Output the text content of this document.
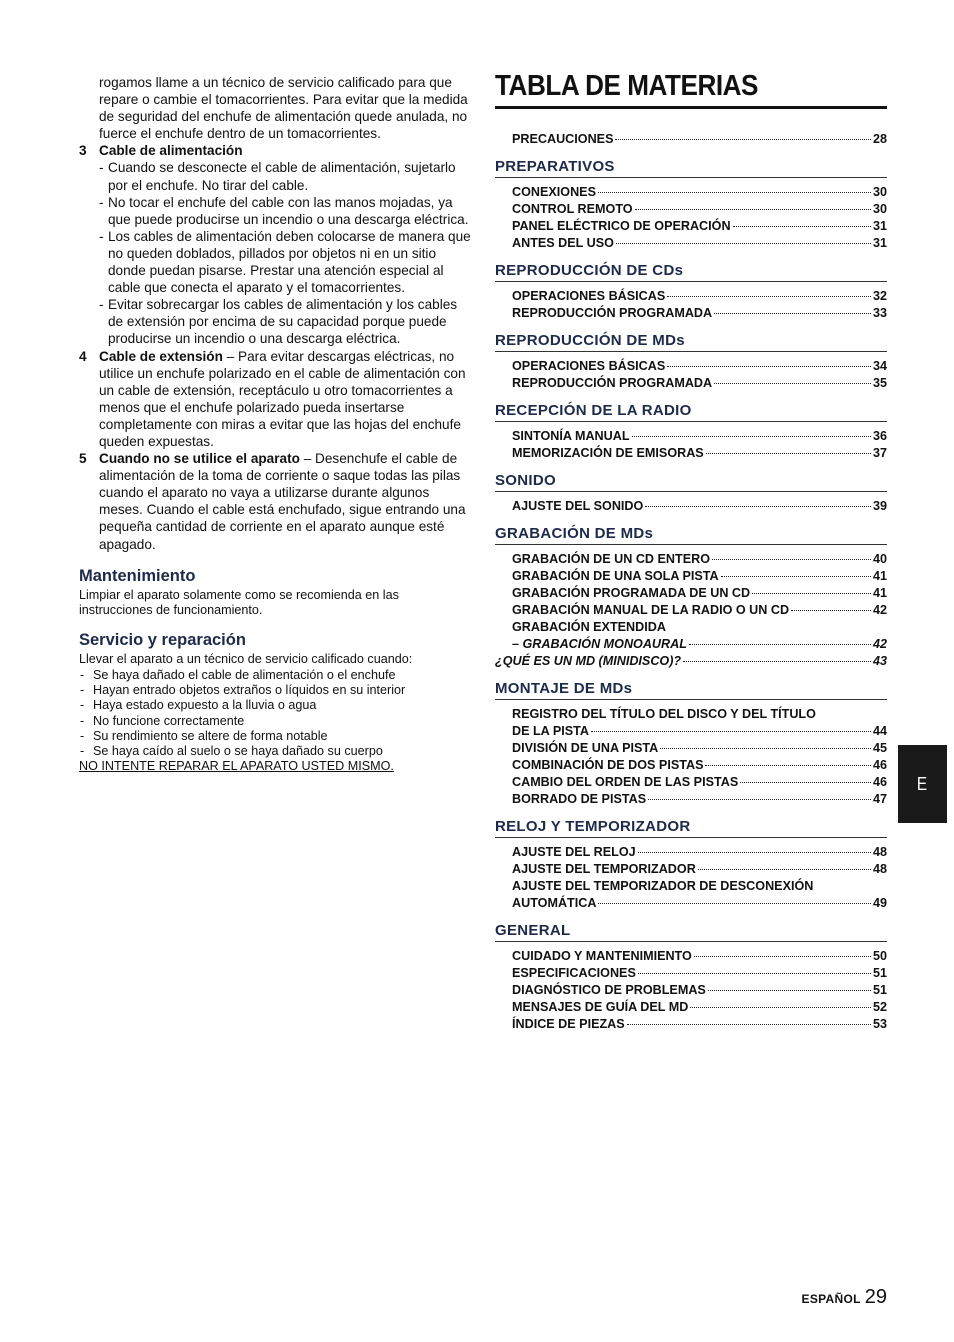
rogamos llame a un técnico de servicio calificado para que repare o cambie el tomacorrientes. Para evitar que la medida de seguridad del enchufe de alimentación quede anulada, no fuerce el enchufe dentro de un tomacorrientes.

3 Cable de alimentación
- Cuando se desconecte el cable de alimentación, sujetarlo por el enchufe. No tirar del cable.
- No tocar el enchufe del cable con las manos mojadas, ya que puede producirse un incendio o una descarga eléctrica.
- Los cables de alimentación deben colocarse de manera que no queden doblados, pillados por objetos ni en un sitio donde puedan pisarse. Prestar una atención especial al cable que conecta el aparato y el tomacorrientes.
- Evitar sobrecargar los cables de alimentación y los cables de extensión por encima de su capacidad porque puede producirse un incendio o una descarga eléctrica.
4 Cable de extensión – Para evitar descargas eléctricas, no utilice un enchufe polarizado en el cable de alimentación con un cable de extensión, receptáculo u otro tomacorrientes a menos que el enchufe polarizado pueda insertarse completamente con miras a evitar que las hojas del enchufe queden expuestas.
5 Cuando no se utilice el aparato – Desenchufe el cable de alimentación de la toma de corriente o saque todas las pilas cuando el aparato no vaya a utilizarse durante algunos meses. Cuando el cable está enchufado, sigue entrando una pequeña cantidad de corriente en el aparato aunque esté apagado.
Mantenimiento

Limpiar el aparato solamente como se recomienda en las instrucciones de funcionamiento.

Servicio y reparación

Llevar el aparato a un técnico de servicio calificado cuando:

- Se haya dañado el cable de alimentación o el enchufe
- Hayan entrado objetos extraños o líquidos en su interior
- Haya estado expuesto a la lluvia o agua
- No funcione correctamente
- Su rendimiento se altere de forma notable
- Se haya caído al suelo o se haya dañado su cuerpo

NO INTENTE REPARAR EL APARATO USTED MISMO.

TABLA DE MATERIAS
PRECAUCIONES	28
PREPARATIVOS
CONEXIONES	30
CONTROL REMOTO	30
PANEL ELÉCTRICO DE OPERACIÓN	31
ANTES DEL USO	31
REPRODUCCIÓN DE CDs
OPERACIONES BÁSICAS	32
REPRODUCCIÓN PROGRAMADA	33
REPRODUCCIÓN DE MDs
OPERACIONES BÁSICAS	34
REPRODUCCIÓN PROGRAMADA	35
RECEPCIÓN DE LA RADIO
SINTONÍA MANUAL	36
MEMORIZACIÓN DE EMISORAS	37
SONIDO
AJUSTE DEL SONIDO	39
GRABACIÓN DE MDs
GRABACIÓN DE UN CD ENTERO	40
GRABACIÓN DE UNA SOLA PISTA	41
GRABACIÓN PROGRAMADA DE UN CD	41
GRABACIÓN MANUAL DE LA RADIO O UN CD	42
GRABACIÓN EXTENDIDA
– GRABACIÓN MONOAURAL	42
¿QUÉ ES UN MD (MINIDISCO)?	43
MONTAJE DE MDs
REGISTRO DEL TÍTULO DEL DISCO Y DEL TÍTULO
DE LA PISTA	44
DIVISIÓN DE UNA PISTA	45
COMBINACIÓN DE DOS PISTAS	46
CAMBIO DEL ORDEN DE LAS PISTAS	46
BORRADO DE PISTAS	47
RELOJ Y TEMPORIZADOR
AJUSTE DEL RELOJ	48
AJUSTE DEL TEMPORIZADOR	48
AJUSTE DEL TEMPORIZADOR DE DESCONEXIÓN
AUTOMÁTICA	49
GENERAL
CUIDADO Y MANTENIMIENTO	50
ESPECIFICACIONES	51
DIAGNÓSTICO DE PROBLEMAS	51
MENSAJES DE GUÍA DEL MD	52
ÍNDICE DE PIEZAS	53
E
ESPAÑOL 29
